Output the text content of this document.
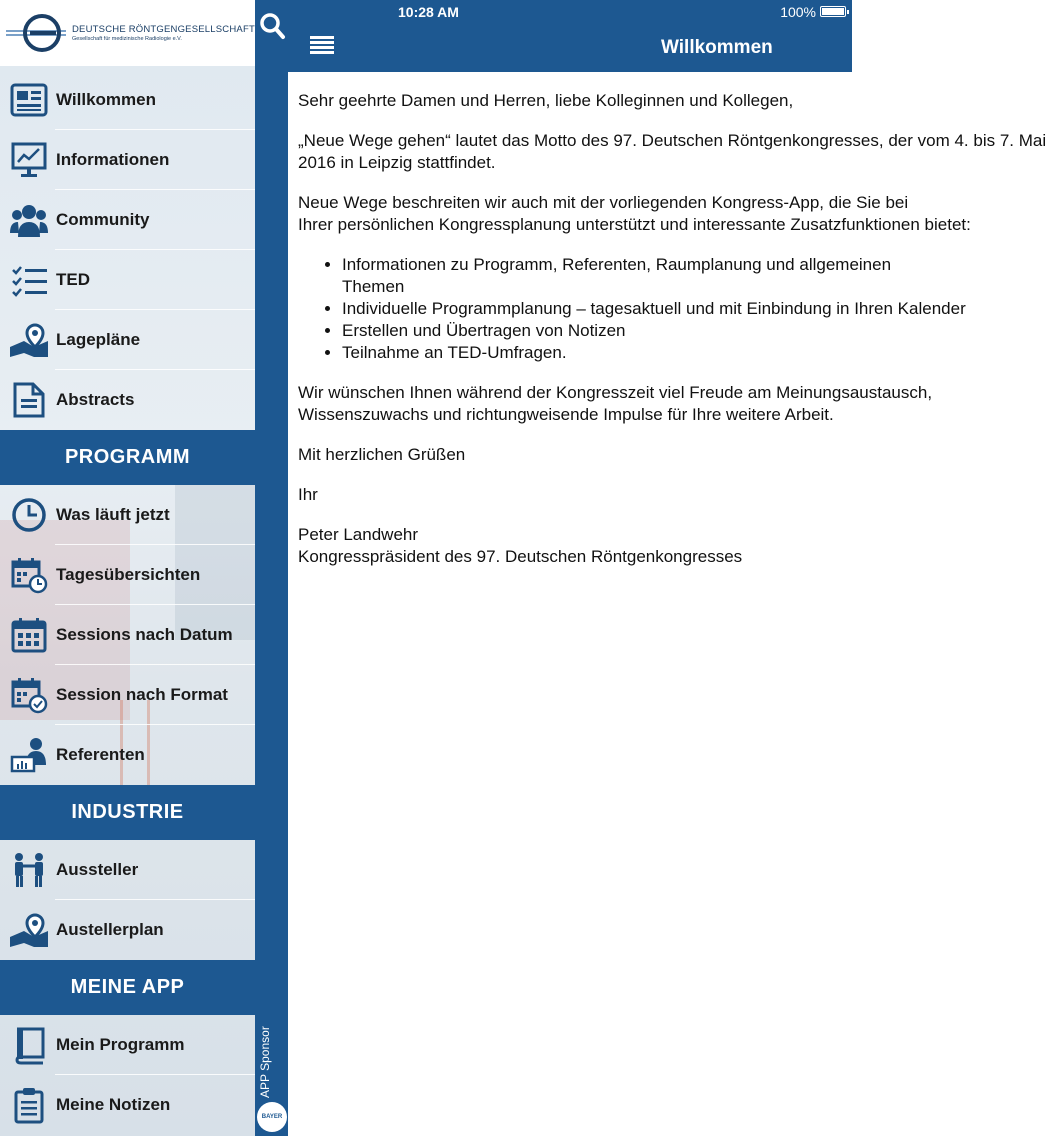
DEUTSCHE RÖNTGENGESELLSCHAFT
Gesellschaft für medizinische Radiologie e.V.
Willkommen
Informationen
Community
TED
Lagepläne
Abstracts
PROGRAMM
Was läuft jetzt
Tagesübersichten
Sessions nach Datum
Session nach Format
Referenten
INDUSTRIE
Aussteller
Austellerplan
MEINE APP
Mein Programm
Meine Notizen
APP Sponsor
BAYER
10:28 AM	100%
Willkommen

Sehr geehrte Damen und Herren, liebe Kolleginnen und Kollegen,

„Neue Wege gehen“ lautet das Motto des 97. Deutschen Röntgenkongresses, der vom 4. bis 7. Mai
2016 in Leipzig stattfindet.

Neue Wege beschreiten wir auch mit der vorliegenden Kongress-App, die Sie bei
Ihrer persönlichen Kongressplanung unterstützt und interessante Zusatzfunktionen bietet:

• Informationen zu Programm, Referenten, Raumplanung und allgemeinen
Themen
• Individuelle Programmplanung – tagesaktuell und mit Einbindung in Ihren Kalender
• Erstellen und Übertragen von Notizen
• Teilnahme an TED-Umfragen.

Wir wünschen Ihnen während der Kongresszeit viel Freude am Meinungsaustausch,
Wissenszuwachs und richtungweisende Impulse für Ihre weitere Arbeit.

Mit herzlichen Grüßen

Ihr

Peter Landwehr
Kongresspräsident des 97. Deutschen Röntgenkongresses
